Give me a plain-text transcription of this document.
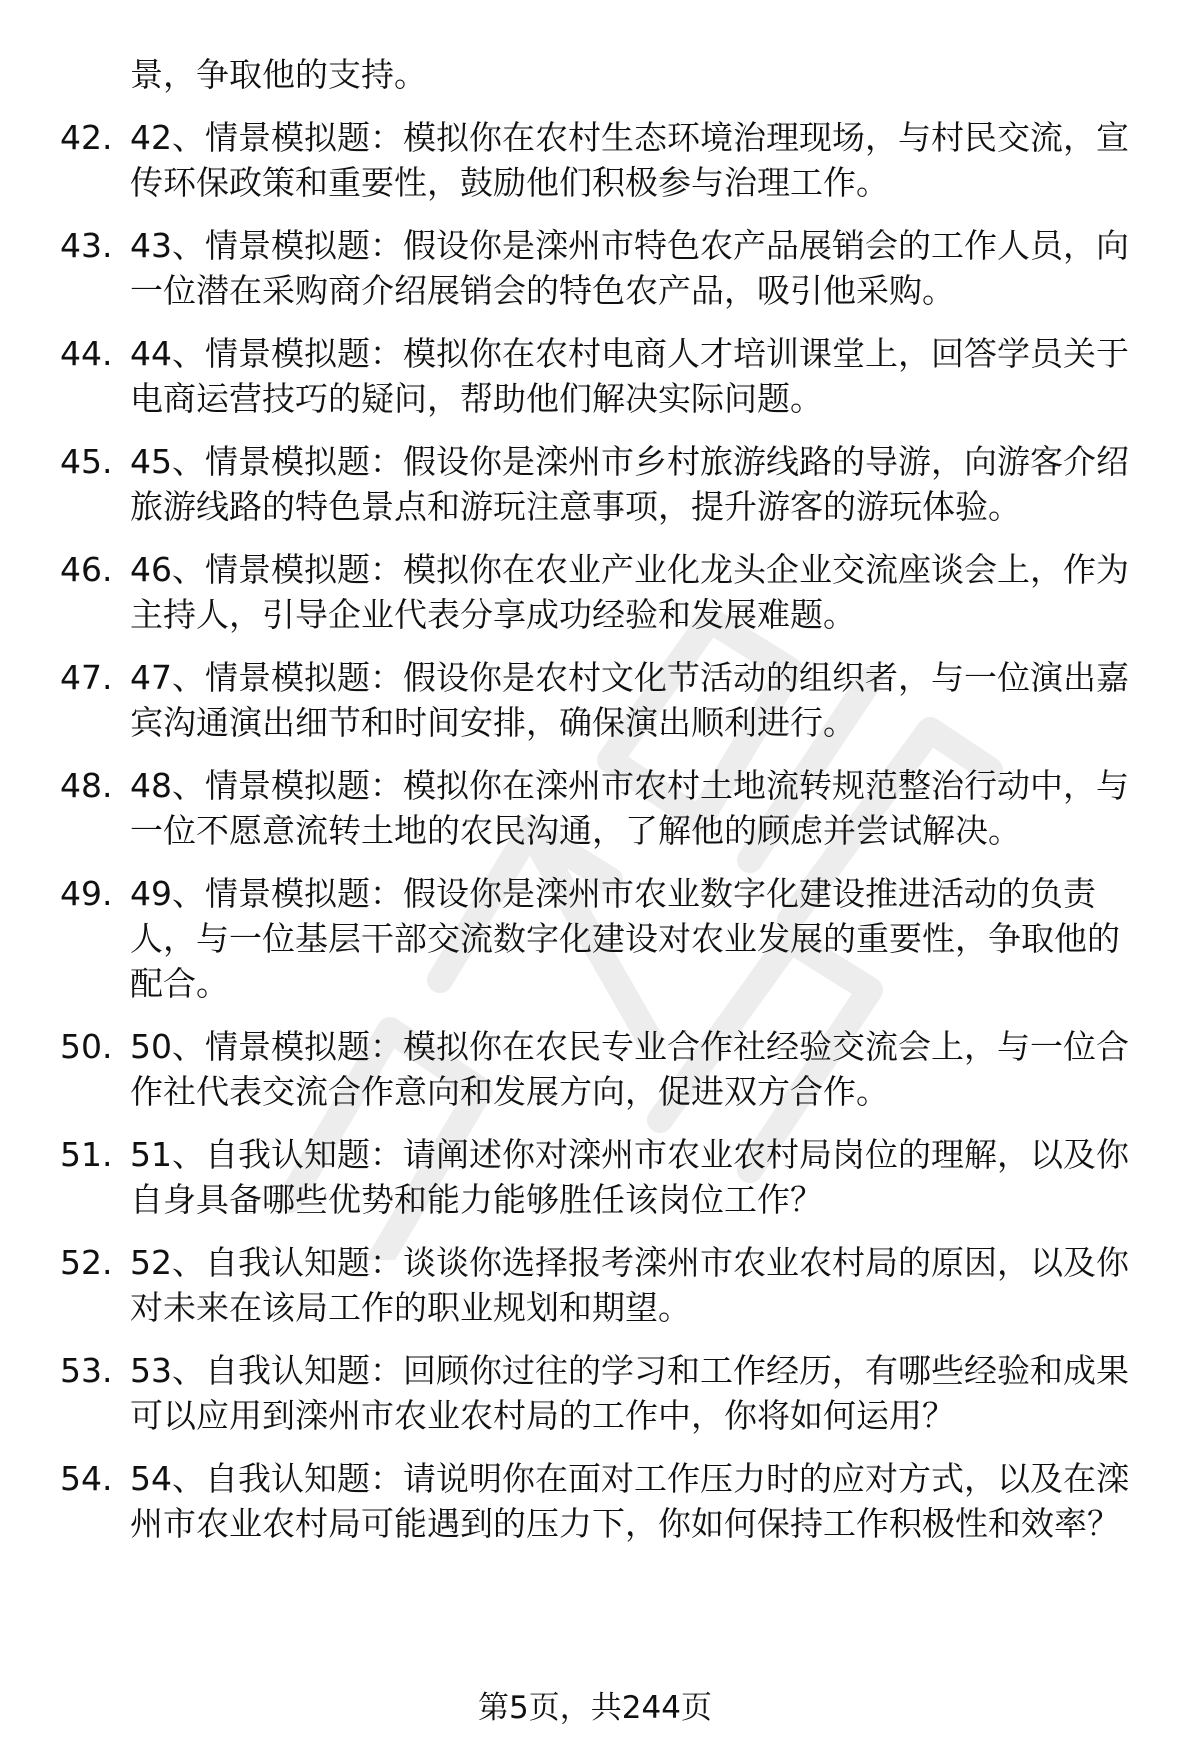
景，争取他的支持。
42. 42、情景模拟题：模拟你在农村生态环境治理现场，与村民交流，宣传环保政策和重要性，鼓励他们积极参与治理工作。
43. 43、情景模拟题：假设你是滦州市特色农产品展销会的工作人员，向一位潜在采购商介绍展销会的特色农产品，吸引他采购。
44. 44、情景模拟题：模拟你在农村电商人才培训课堂上，回答学员关于电商运营技巧的疑问，帮助他们解决实际问题。
45. 45、情景模拟题：假设你是滦州市乡村旅游线路的导游，向游客介绍旅游线路的特色景点和游玩注意事项，提升游客的游玩体验。
46. 46、情景模拟题：模拟你在农业产业化龙头企业交流座谈会上，作为主持人，引导企业代表分享成功经验和发展难题。
47. 47、情景模拟题：假设你是农村文化节活动的组织者，与一位演出嘉宾沟通演出细节和时间安排，确保演出顺利进行。
48. 48、情景模拟题：模拟你在滦州市农村土地流转规范整治行动中，与一位不愿意流转土地的农民沟通，了解他的顾虑并尝试解决。
49. 49、情景模拟题：假设你是滦州市农业数字化建设推进活动的负责人，与一位基层干部交流数字化建设对农业发展的重要性，争取他的配合。
50. 50、情景模拟题：模拟你在农民专业合作社经验交流会上，与一位合作社代表交流合作意向和发展方向，促进双方合作。
51. 51、自我认知题：请阐述你对滦州市农业农村局岗位的理解，以及你自身具备哪些优势和能力能够胜任该岗位工作？
52. 52、自我认知题：谈谈你选择报考滦州市农业农村局的原因，以及你对未来在该局工作的职业规划和期望。
53. 53、自我认知题：回顾你过往的学习和工作经历，有哪些经验和成果可以应用到滦州市农业农村局的工作中，你将如何运用？
54. 54、自我认知题：请说明你在面对工作压力时的应对方式，以及在滦州市农业农村局可能遇到的压力下，你如何保持工作积极性和效率？
第5页，共244页
